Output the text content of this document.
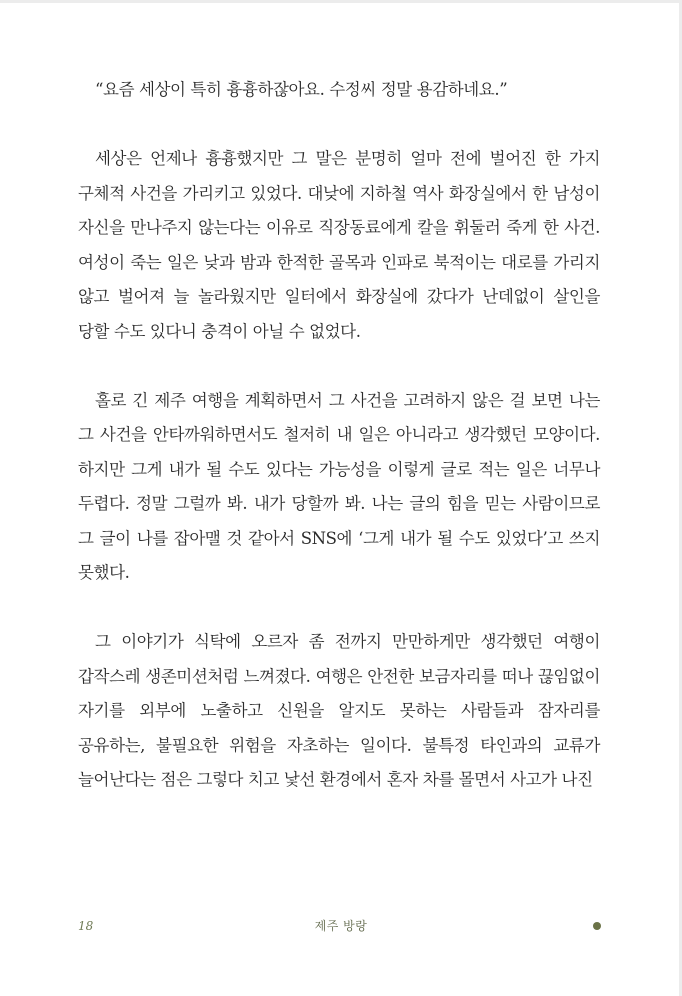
“요즘 세상이 특히 흉흉하잖아요. 수정씨 정말 용감하네요.”

세상은 언제나 흉흉했지만 그 말은 분명히 얼마 전에 벌어진 한 가지 구체적 사건을 가리키고 있었다. 대낮에 지하철 역사 화장실에서 한 남성이 자신을 만나주지 않는다는 이유로 직장동료에게 칼을 휘둘러 죽게 한 사건. 여성이 죽는 일은 낮과 밤과 한적한 골목과 인파로 북적이는 대로를 가리지 않고 벌어져 늘 놀라웠지만 일터에서 화장실에 갔다가 난데없이 살인을 당할 수도 있다니 충격이 아닐 수 없었다.

홀로 긴 제주 여행을 계획하면서 그 사건을 고려하지 않은 걸 보면 나는 그 사건을 안타까워하면서도 철저히 내 일은 아니라고 생각했던 모양이다. 하지만 그게 내가 될 수도 있다는 가능성을 이렇게 글로 적는 일은 너무나 두렵다. 정말 그럴까 봐. 내가 당할까 봐. 나는 글의 힘을 믿는 사람이므로 그 글이 나를 잡아맬 것 같아서 SNS에 ‘그게 내가 될 수도 있었다’고 쓰지 못했다.

그 이야기가 식탁에 오르자 좀 전까지 만만하게만 생각했던 여행이 갑작스레 생존미션처럼 느껴졌다. 여행은 안전한 보금자리를 떠나 끊임없이 자기를 외부에 노출하고 신원을 알지도 못하는 사람들과 잠자리를 공유하는, 불필요한 위험을 자초하는 일이다. 불특정 타인과의 교류가 늘어난다는 점은 그렇다 치고 낯선 환경에서 혼자 차를 몰면서 사고가 나진

18	제주 방랑
